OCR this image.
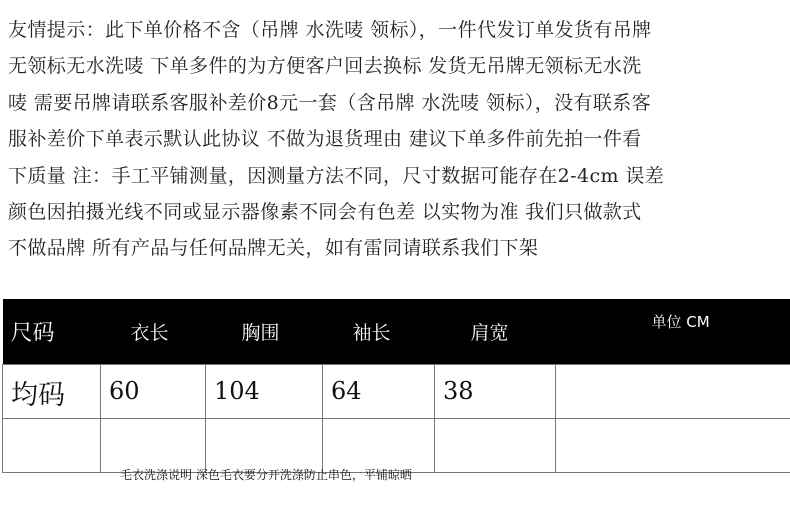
友情提示：此下单价格不含（吊牌 水洗唛 领标），一件代发订单发货有吊牌
无领标无水洗唛 下单多件的为方便客户回去换标 发货无吊牌无领标无水洗
唛 需要吊牌请联系客服补差价8元一套（含吊牌 水洗唛 领标），没有联系客
服补差价下单表示默认此协议 不做为退货理由 建议下单多件前先拍一件看
下质量 注：手工平铺测量，因测量方法不同，尺寸数据可能存在2-4cm 误差
颜色因拍摄光线不同或显示器像素不同会有色差 以实物为准 我们只做款式
不做品牌 所有产品与任何品牌无关，如有雷同请联系我们下架
尺码	衣长	胸围	袖长	肩宽	单位 CM
均码	60	104	64	38	

毛衣洗涤说明 深色毛衣要分开洗涤防止串色，平铺晾晒
